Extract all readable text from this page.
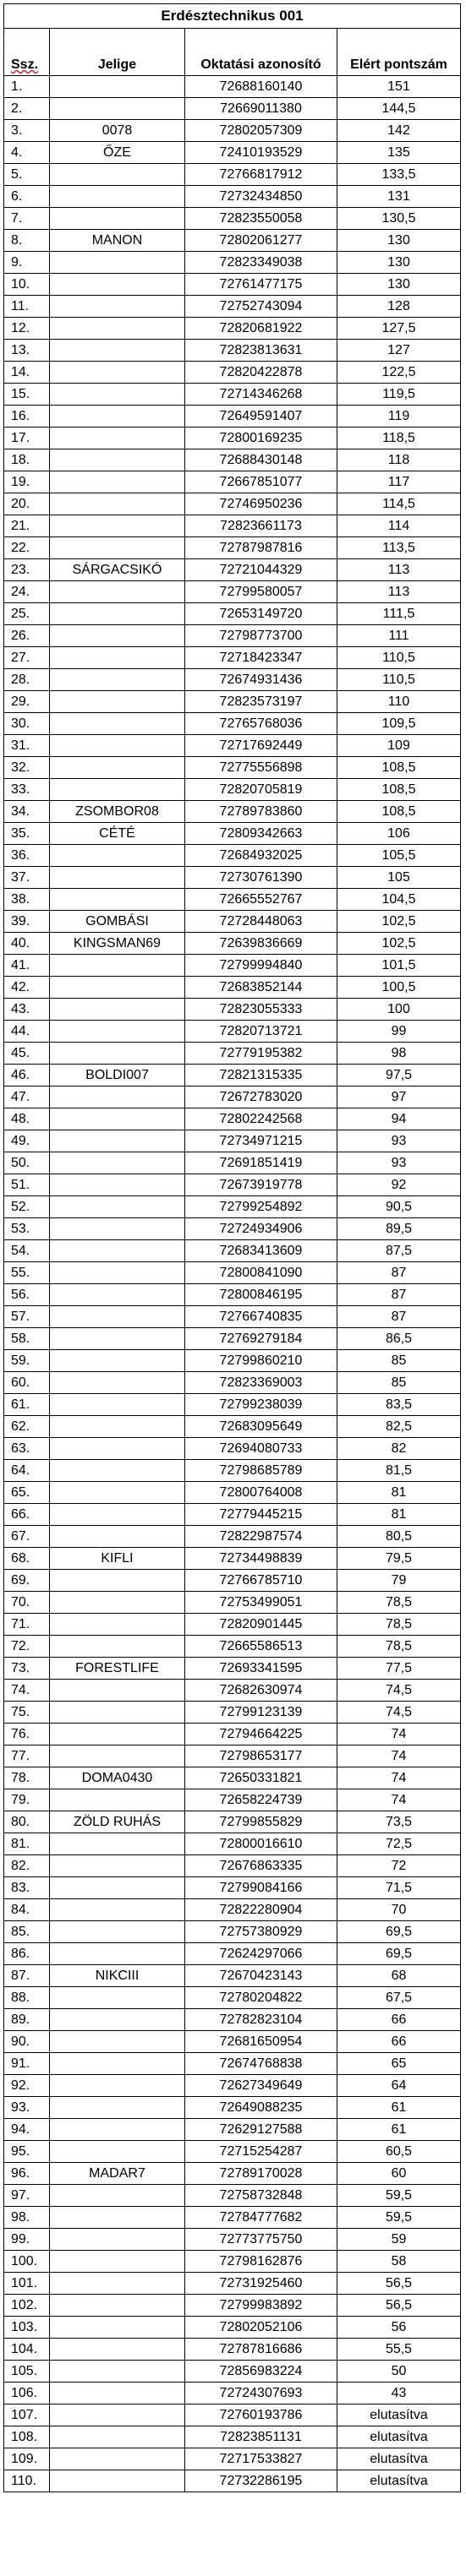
Erdésztechnikus 001			
Ssz.	Jelige	Oktatási azonosító	Elért pontszám
1.		72688160140	151
2.		72669011380	144,5
3.	0078	72802057309	142
4.	ŐZE	72410193529	135
5.		72766817912	133,5
6.		72732434850	131
7.		72823550058	130,5
8.	MANON	72802061277	130
9.		72823349038	130
10.		72761477175	130
11.		72752743094	128
12.		72820681922	127,5
13.		72823813631	127
14.		72820422878	122,5
15.		72714346268	119,5
16.		72649591407	119
17.		72800169235	118,5
18.		72688430148	118
19.		72667851077	117
20.		72746950236	114,5
21.		72823661173	114
22.		72787987816	113,5
23.	SÁRGACSIKÓ	72721044329	113
24.		72799580057	113
25.		72653149720	111,5
26.		72798773700	111
27.		72718423347	110,5
28.		72674931436	110,5
29.		72823573197	110
30.		72765768036	109,5
31.		72717692449	109
32.		72775556898	108,5
33.		72820705819	108,5
34.	ZSOMBOR08	72789783860	108,5
35.	CÉTÉ	72809342663	106
36.		72684932025	105,5
37.		72730761390	105
38.		72665552767	104,5
39.	GOMBÁSI	72728448063	102,5
40.	KINGSMAN69	72639836669	102,5
41.		72799994840	101,5
42.		72683852144	100,5
43.		72823055333	100
44.		72820713721	99
45.		72779195382	98
46.	BOLDI007	72821315335	97,5
47.		72672783020	97
48.		72802242568	94
49.		72734971215	93
50.		72691851419	93
51.		72673919778	92
52.		72799254892	90,5
53.		72724934906	89,5
54.		72683413609	87,5
55.		72800841090	87
56.		72800846195	87
57.		72766740835	87
58.		72769279184	86,5
59.		72799860210	85
60.		72823369003	85
61.		72799238039	83,5
62.		72683095649	82,5
63.		72694080733	82
64.		72798685789	81,5
65.		72800764008	81
66.		72779445215	81
67.		72822987574	80,5
68.	KIFLI	72734498839	79,5
69.		72766785710	79
70.		72753499051	78,5
71.		72820901445	78,5
72.		72665586513	78,5
73.	FORESTLIFE	72693341595	77,5
74.		72682630974	74,5
75.		72799123139	74,5
76.		72794664225	74
77.		72798653177	74
78.	DOMA0430	72650331821	74
79.		72658224739	74
80.	ZÖLD RUHÁS	72799855829	73,5
81.		72800016610	72,5
82.		72676863335	72
83.		72799084166	71,5
84.		72822280904	70
85.		72757380929	69,5
86.		72624297066	69,5
87.	NIKCIII	72670423143	68
88.		72780204822	67,5
89.		72782823104	66
90.		72681650954	66
91.		72674768838	65
92.		72627349649	64
93.		72649088235	61
94.		72629127588	61
95.		72715254287	60,5
96.	MADAR7	72789170028	60
97.		72758732848	59,5
98.		72784777682	59,5
99.		72773775750	59
100.		72798162876	58
101.		72731925460	56,5
102.		72799983892	56,5
103.		72802052106	56
104.		72787816686	55,5
105.		72856983224	50
106.		72724307693	43
107.		72760193786	elutasítva
108.		72823851131	elutasítva
109.		72717533827	elutasítva
110.		72732286195	elutasítva
